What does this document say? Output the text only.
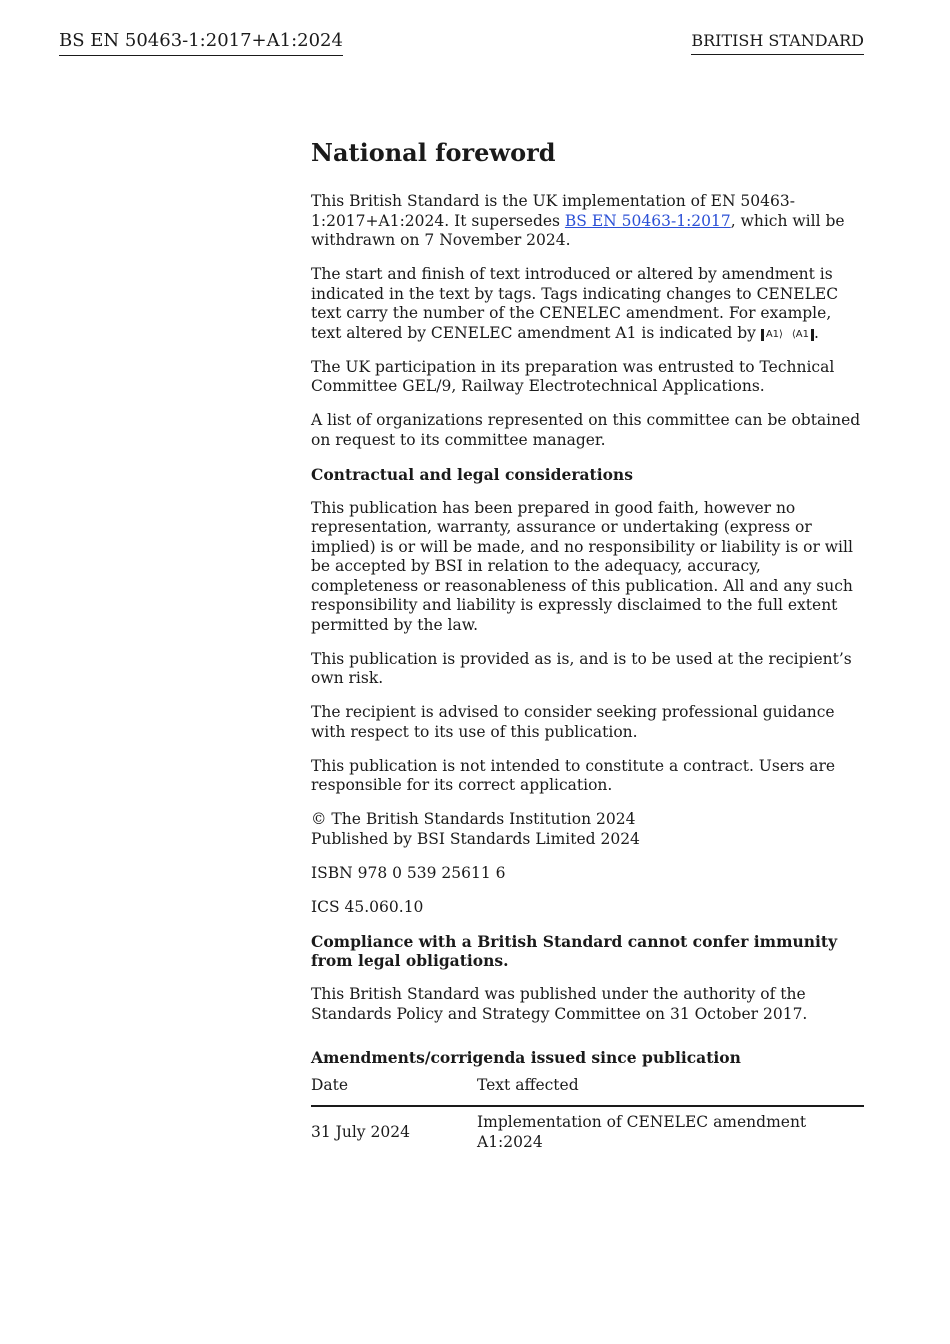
BS EN 50463-1:2017+A1:2024	BRITISH STANDARD
National foreword

This British Standard is the UK implementation of EN 50463-1:2017+A1:2024. It supersedes BS EN 50463-1:2017, which will be withdrawn on 7 November 2024.

The start and finish of text introduced or altered by amendment is indicated in the text by tags. Tags indicating changes to CENELEC text carry the number of the CENELEC amendment. For example, text altered by CENELEC amendment A1 is indicated by A1⟩ ⟨A1 .

The UK participation in its preparation was entrusted to Technical Committee GEL/9, Railway Electrotechnical Applications.

A list of organizations represented on this committee can be obtained on request to its committee manager.

Contractual and legal considerations

This publication has been prepared in good faith, however no representation, warranty, assurance or undertaking (express or implied) is or will be made, and no responsibility or liability is or will be accepted by BSI in relation to the adequacy, accuracy, completeness or reasonableness of this publication. All and any such responsibility and liability is expressly disclaimed to the full extent permitted by the law.

This publication is provided as is, and is to be used at the recipient’s own risk.

The recipient is advised to consider seeking professional guidance with respect to its use of this publication.

This publication is not intended to constitute a contract. Users are responsible for its correct application.

© The British Standards Institution 2024
Published by BSI Standards Limited 2024

ISBN 978 0 539 25611 6

ICS 45.060.10

Compliance with a British Standard cannot confer immunity from legal obligations.

This British Standard was published under the authority of the Standards Policy and Strategy Committee on 31 October 2017.

Amendments/corrigenda issued since publication

Date	Text affected
31 July 2024	Implementation of CENELEC amendment A1:2024
